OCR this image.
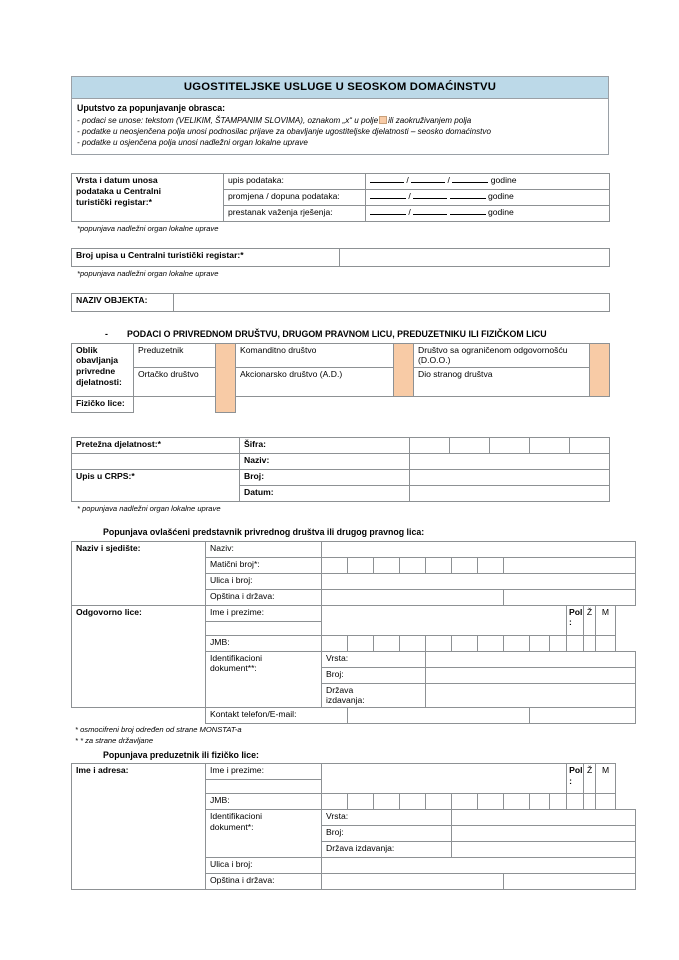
UGOSTITELJSKE USLUGE U SEOSKOM DOMAĆINSTVU
Uputstvo za popunjavanje obrasca:
- podaci se unose: tekstom (VELIKIM, ŠTAMPANIM SLOVIMA), oznakom „x“ u polje ili zaokruživanjem polja
- podatke u neosjenčena polja unosi podnosilac prijave za obavljanje ugostiteljske djelatnosti – seosko domaćinstvo
- podatke u osjenčena polja unosi nadležni organ lokalne uprave
Vrsta i datum unosa
podataka u Centralni
turistički registar:*	upis podataka:	/ / godine
	promjena / dopuna podataka:	/ godine
	prestanak važenja rješenja:	/ godine
*popunjava nadležni organ lokalne uprave
Broj upisa u Centralni turistički registar:*	
*popunjava nadležni organ lokalne uprave
NAZIV OBJEKTA:	
- PODACI O PRIVREDNOM DRUŠTVU, DRUGOM PRAVNOM LICU, PREDUZETNIKU ILI FIZIČKOM LICU
Oblik
obavljanja
privredne
djelatnosti:	Preduzetnik		Komanditno društvo		Društvo sa ograničenom odgovornošću (D.O.O.)	
	Ortačko društvo		Akcionarsko društvo (A.D.)		Dio stranog društva	
Fizičko lice:						
Pretežna djelatnost:*	Šifra:					
	Naziv:					
Upis u CRPS:*	Broj:					
	Datum:					
* popunjava nadležni organ lokalne uprave
Popunjava ovlašćeni predstavnik privrednog društva ili drugog pravnog lica:
Naziv i sjedište:	Naziv:													
	Matični broj*:													
	Ulica i broj:													
	Opština i država:													
Odgovorno lice:	Ime i prezime:											Pol
:	Ž	M

	JMB:													

	Identifikacioni
dokument**:	Vrsta:												
		Broj:												

		Država
izdavanja:												

	Kontakt telefon/E-mail:													
* osmocifreni broj određen od strane MONSTAT-a
* * za strane državljane
Popunjava preduzetnik ili fizičko lice:
Ime i adresa:	Ime i prezime:											Pol
:	Ž	M

	JMB:													

	Identifikacioni
dokument*:	Vrsta:												
		Broj:												
		Država izdavanja:												
	Ulica i broj:													
	Opština i država:													
